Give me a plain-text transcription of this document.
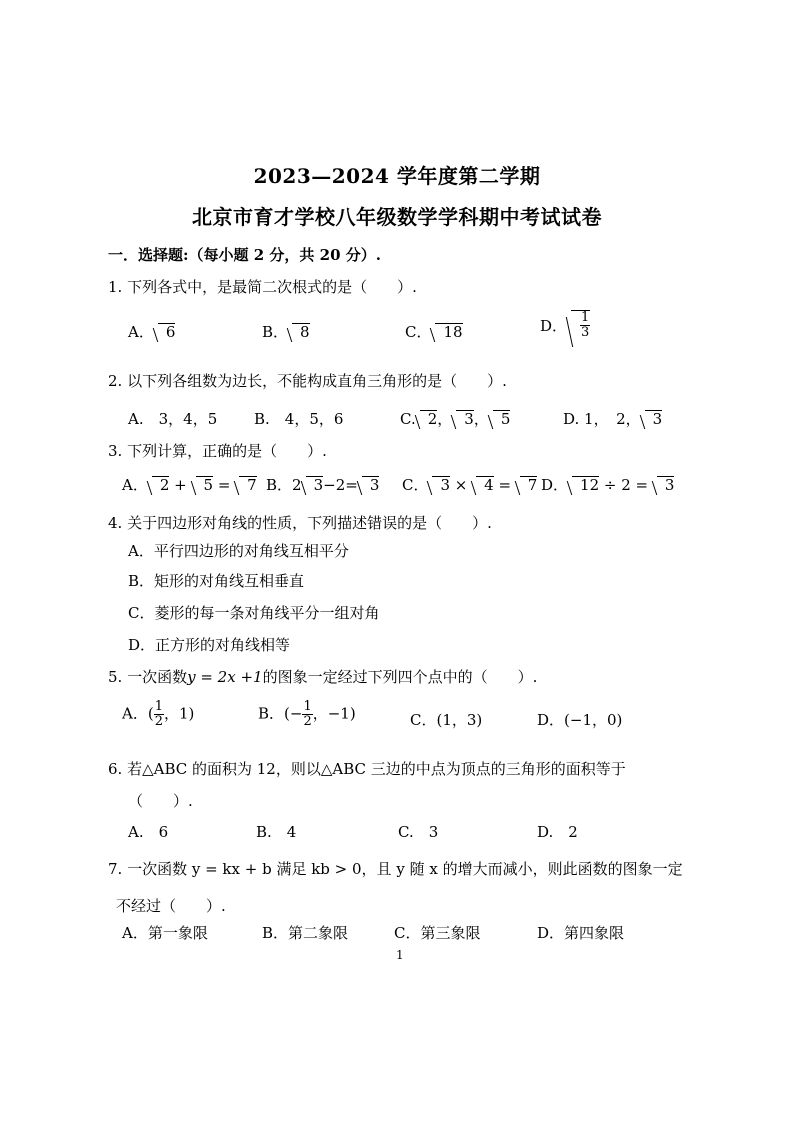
2023—2024 学年度第二学期
北京市育才学校八年级数学学科期中考试试卷
一．选择题:（每小题 2 分，共 20 分）.
1. 下列各式中，是最简二次根式的是（　　）.
A． 6	B． 8	C． 18	D． $\frac{1}{3}$
2. 以下列各组数为边长，不能构成直角三角形的是（　　）.
A.　3，4，5 B.　4，5，6	C. 2， 3， 5	D. 1，　2， 3
3. 下列计算，正确的是（　　）.
A． 2 + 5 = 7 B．2 3−2= 3 C． 3 × 4 = 7 D． 12 ÷ 2 = 3
4. 关于四边形对角线的性质，下列描述错误的是（　　）.
A．平行四边形的对角线互相平分
B．矩形的对角线互相垂直
C．菱形的每一条对角线平分一组对角
D．正方形的对角线相等
5. 一次函数y = 2x +1的图象一定经过下列四个点中的（　　）.
A．( $\frac{1}{2}$ ，1)	B．(− $\frac{1}{2}$ ，−1)	C．(1，3)	D．(−1，0)
6. 若△ABC 的面积为 12，则以△ABC 三边的中点为顶点的三角形的面积等于
（　　）.
A.　6	B.　4	C.　3	D.　2
7. 一次函数 y = kx + b 满足 kb > 0，且 y 随 x 的增大而减小，则此函数的图象一定
不经过（　　）.
A．第一象限	B．第二象限	C．第三象限	D．第四象限
1
